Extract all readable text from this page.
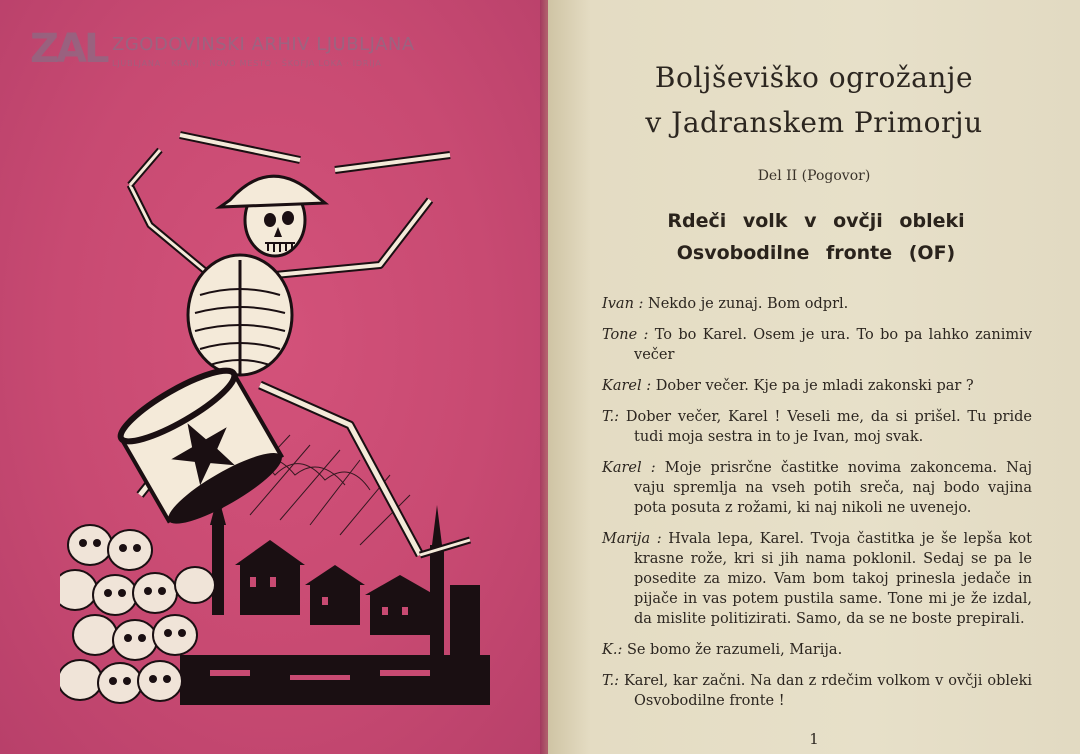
ZAL ZGODOVINSKI ARHIV LJUBLJANA
LJUBLJANA · KRANJ · NOVO MESTO · ŠKOFJA LOKA · IDRIJA	Boljševiško ogrožanje
v Jadranskem Primorju
Del II (Pogovor)
Rdeči volk v ovčji obleki Osvobodilne fronte (OF)
Ivan : Nekdo je zunaj. Bom odprl.
Tone : To bo Karel. Osem je ura. To bo pa lahko zanimiv večer
Karel : Dober večer. Kje pa je mladi zakonski par ?
T.: Dober večer, Karel ! Veseli me, da si prišel. Tu pride tudi moja sestra in to je Ivan, moj svak.
Karel : Moje prisrčne častitke novima zakoncema. Naj vaju spremlja na vseh potih sreča, naj bodo vajina pota posuta z rožami, ki naj nikoli ne uvenejo.
Marija : Hvala lepa, Karel. Tvoja častitka je še lepša kot krasne rože, kri si jih nama poklonil. Sedaj se pa le posedite za mizo. Vam bom takoj prinesla jedače in pijače in vas potem pustila same. Tone mi je že izdal, da mislite politizirati. Samo, da se ne boste prepirali.
K.: Se bomo že razumeli, Marija.
T.: Karel, kar začni. Na dan z rdečim volkom v ovčji obleki Osvobodilne fronte !
1
